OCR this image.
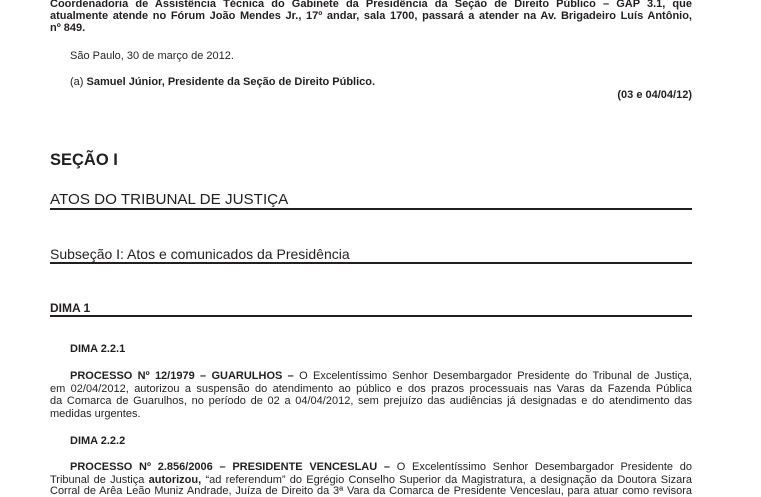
Coordenadoria de Assistência Técnica do Gabinete da Presidência da Seção de Direito Público – GAP 3.1, que
atualmente atende no Fórum João Mendes Jr., 17º andar, sala 1700, passará a atender na Av. Brigadeiro Luís Antônio,
nº 849.
São Paulo, 30 de março de 2012.
(a) Samuel Júnior, Presidente da Seção de Direito Público.
(03 e 04/04/12)
SEÇÃO I
ATOS DO TRIBUNAL DE JUSTIÇA
Subseção I: Atos e comunicados da Presidência
DIMA 1
DIMA 2.2.1
PROCESSO Nº 12/1979 – GUARULHOS – O Excelentíssimo Senhor Desembargador Presidente do Tribunal de Justiça,
em 02/04/2012, autorizou a suspensão do atendimento ao público e dos prazos processuais nas Varas da Fazenda Pública
da Comarca de Guarulhos, no período de 02 a 04/04/2012, sem prejuízo das audiências já designadas e do atendimento das
medidas urgentes.
DIMA 2.2.2
PROCESSO Nº 2.856/2006 – PRESIDENTE VENCESLAU – O Excelentíssimo Senhor Desembargador Presidente do
Tribunal de Justiça autorizou, “ad referendum” do Egrégio Conselho Superior da Magistratura, a designação da Doutora Sizara
Corral de Arêa Leão Muniz Andrade, Juíza de Direito da 3ª Vara da Comarca de Presidente Venceslau, para atuar como revisora
